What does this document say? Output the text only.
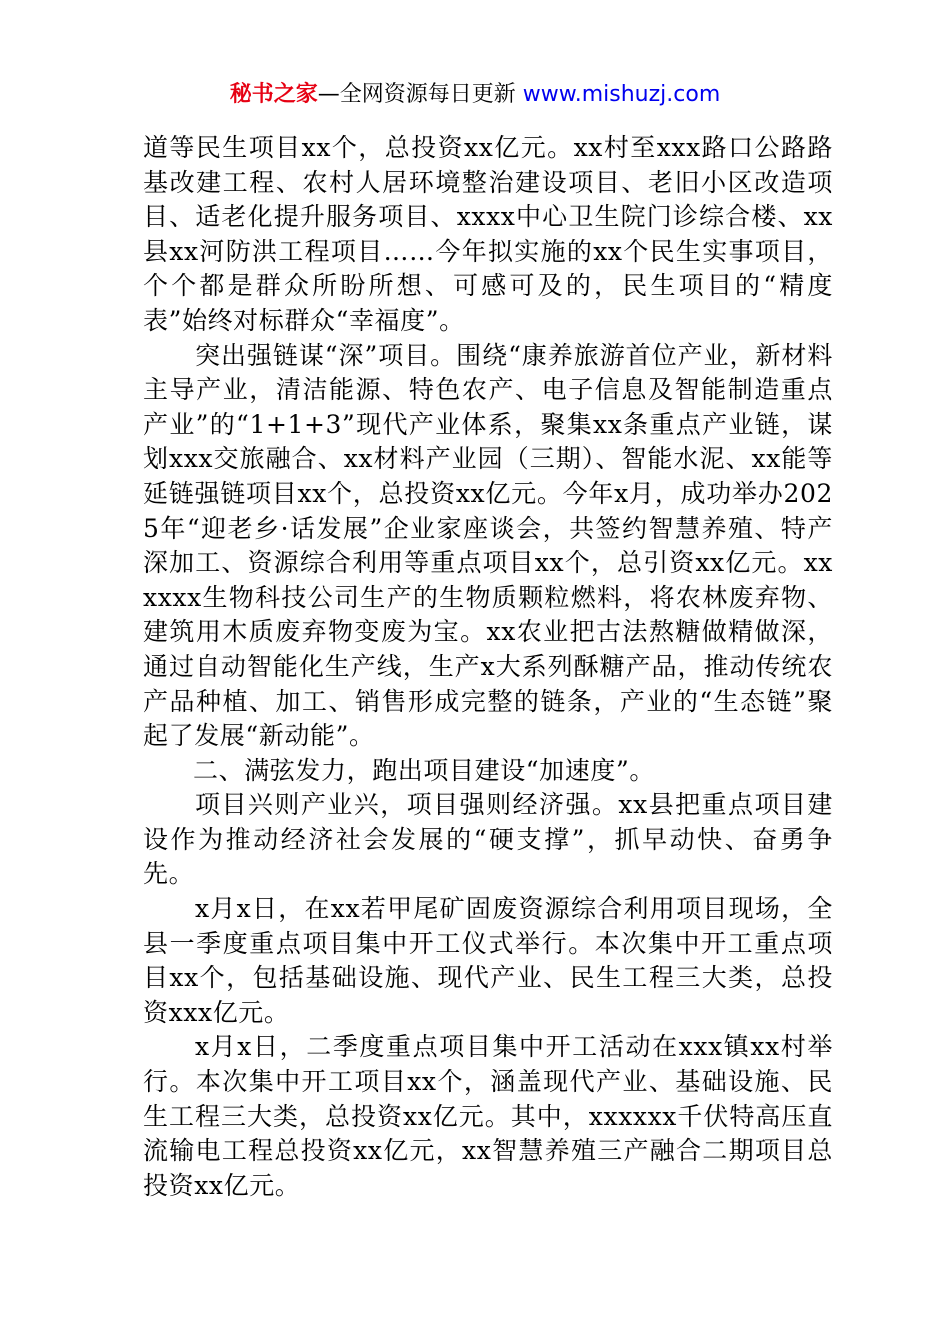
秘书之家—全网资源每日更新 www.mishuzj.com

道等民生项目xx个，总投资xx亿元。xx村至xxx路口公路路基改建工程、农村人居环境整治建设项目、老旧小区改造项目、适老化提升服务项目、xxxx中心卫生院门诊综合楼、xx县xx河防洪工程项目……今年拟实施的xx个民生实事项目，个个都是群众所盼所想、可感可及的，民生项目的“精度表”始终对标群众“幸福度”。

突出强链谋“深”项目。围绕“康养旅游首位产业，新材料主导产业，清洁能源、特色农产、电子信息及智能制造重点产业”的“1+1+3”现代产业体系，聚集xx条重点产业链，谋划xxx交旅融合、xx材料产业园（三期）、智能水泥、xx能等延链强链项目xx个，总投资xx亿元。今年x月，成功举办2025年“迎老乡·话发展”企业家座谈会，共签约智慧养殖、特产深加工、资源综合利用等重点项目xx个，总引资xx亿元。xxxxxx生物科技公司生产的生物质颗粒燃料，将农林废弃物、建筑用木质废弃物变废为宝。xx农业把古法熬糖做精做深，通过自动智能化生产线，生产x大系列酥糖产品，推动传统农产品种植、加工、销售形成完整的链条，产业的“生态链”聚起了发展“新动能”。

二、满弦发力，跑出项目建设“加速度”。

项目兴则产业兴，项目强则经济强。xx县把重点项目建设作为推动经济社会发展的“硬支撑”，抓早动快、奋勇争先。

x月x日，在xx若甲尾矿固废资源综合利用项目现场，全县一季度重点项目集中开工仪式举行。本次集中开工重点项目xx个，包括基础设施、现代产业、民生工程三大类，总投资xxx亿元。

x月x日，二季度重点项目集中开工活动在xxx镇xx村举行。本次集中开工项目xx个，涵盖现代产业、基础设施、民生工程三大类，总投资xx亿元。其中，xxxxxx千伏特高压直流输电工程总投资xx亿元，xx智慧养殖三产融合二期项目总投资xx亿元。
